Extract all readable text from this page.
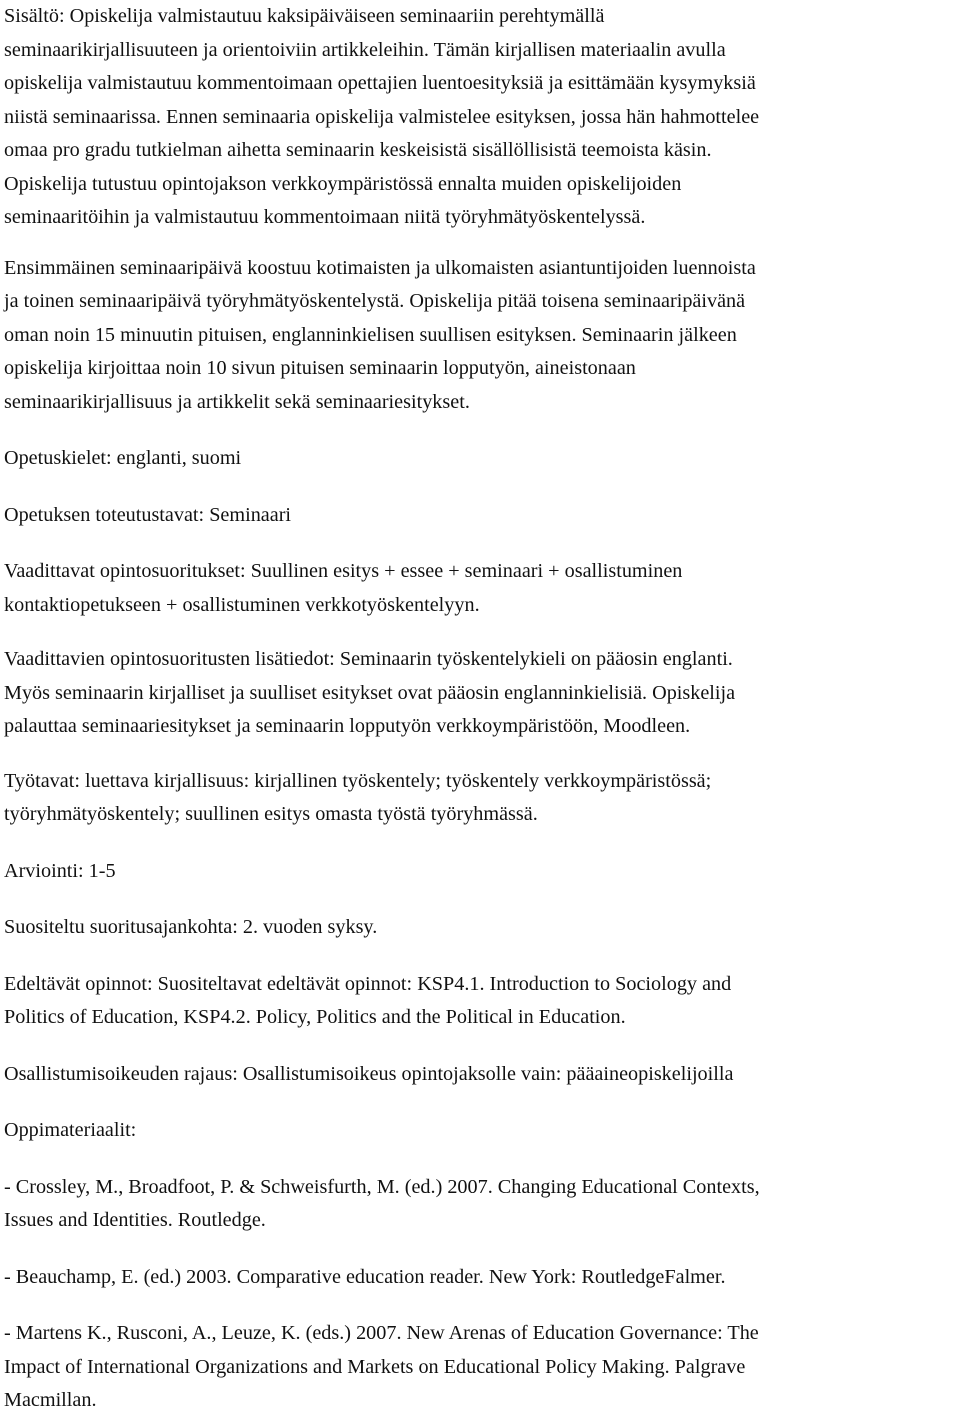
Sisältö: Opiskelija valmistautuu kaksipäiväiseen seminaariin perehtymällä
seminaarikirjallisuuteen ja orientoiviin artikkeleihin. Tämän kirjallisen materiaalin avulla
opiskelija valmistautuu kommentoimaan opettajien luentoesityksiä ja esittämään kysymyksiä
niistä seminaarissa. Ennen seminaaria opiskelija valmistelee esityksen, jossa hän hahmottelee
omaa pro gradu tutkielman aihetta seminaarin keskeisistä sisällöllisistä teemoista käsin.
Opiskelija tutustuu opintojakson verkkoympäristössä ennalta muiden opiskelijoiden
seminaaritöihin ja valmistautuu kommentoimaan niitä työryhmätyöskentelyssä.
Ensimmäinen seminaaripäivä koostuu kotimaisten ja ulkomaisten asiantuntijoiden luennoista
ja toinen seminaaripäivä työryhmätyöskentelystä. Opiskelija pitää toisena seminaaripäivänä
oman noin 15 minuutin pituisen, englanninkielisen suullisen esityksen. Seminaarin jälkeen
opiskelija kirjoittaa noin 10 sivun pituisen seminaarin lopputyön, aineistonaan
seminaarikirjallisuus ja artikkelit sekä seminaariesitykset.
Opetuskielet: englanti, suomi
Opetuksen toteutustavat: Seminaari
Vaadittavat opintosuoritukset: Suullinen esitys + essee + seminaari + osallistuminen
kontaktiopetukseen + osallistuminen verkkotyöskentelyyn.
Vaadittavien opintosuoritusten lisätiedot: Seminaarin työskentelykieli on pääosin englanti.
Myös seminaarin kirjalliset ja suulliset esitykset ovat pääosin englanninkielisiä. Opiskelija
palauttaa seminaariesitykset ja seminaarin lopputyön verkkoympäristöön, Moodleen.
Työtavat: luettava kirjallisuus: kirjallinen työskentely; työskentely verkkoympäristössä;
työryhmätyöskentely; suullinen esitys omasta työstä työryhmässä.
Arviointi: 1-5
Suositeltu suoritusajankohta: 2. vuoden syksy.
Edeltävät opinnot: Suositeltavat edeltävät opinnot: KSP4.1. Introduction to Sociology and
Politics of Education, KSP4.2. Policy, Politics and the Political in Education.
Osallistumisoikeuden rajaus: Osallistumisoikeus opintojaksolle vain: pääaineopiskelijoilla
Oppimateriaalit:
- Crossley, M., Broadfoot, P. & Schweisfurth, M. (ed.) 2007. Changing Educational Contexts,
Issues and Identities. Routledge.
- Beauchamp, E. (ed.) 2003. Comparative education reader. New York: RoutledgeFalmer.
- Martens K., Rusconi, A., Leuze, K. (eds.) 2007. New Arenas of Education Governance: The
Impact of International Organizations and Markets on Educational Policy Making. Palgrave
Macmillan.
